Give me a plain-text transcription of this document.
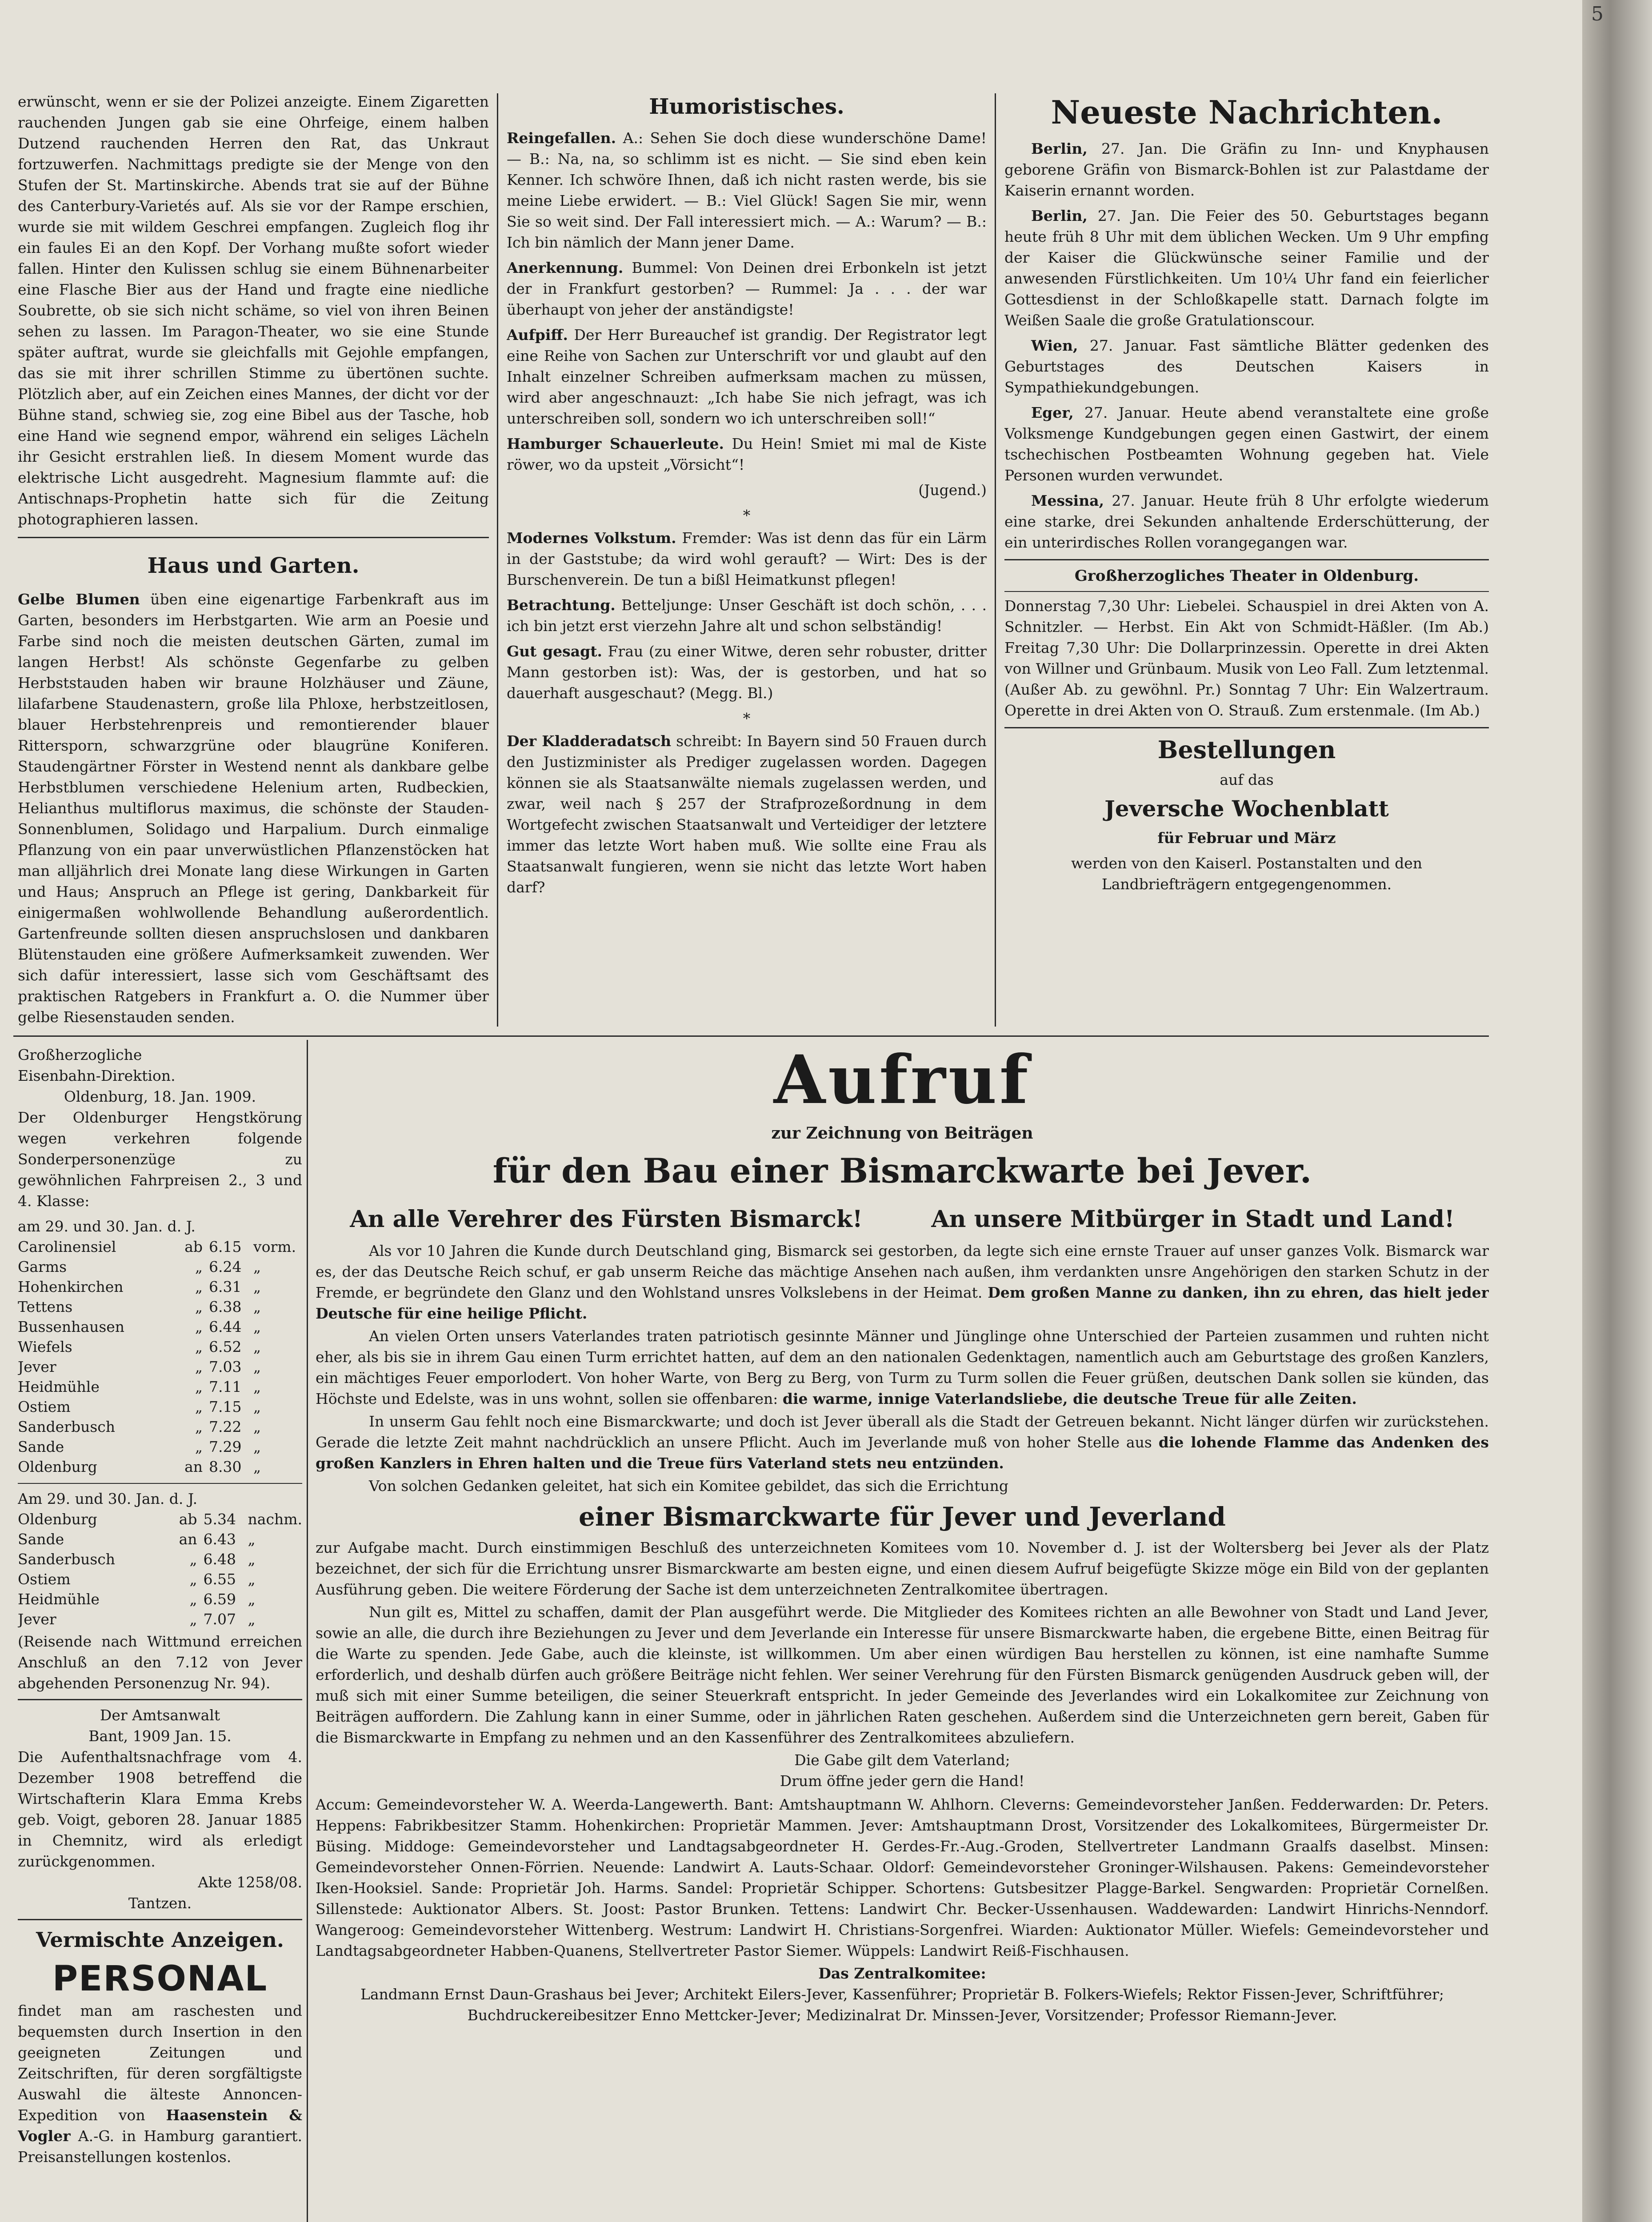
erwünscht, wenn er sie der Polizei anzeigte. Einem Zigaretten rauchenden Jungen gab sie eine Ohrfeige, einem halben Dutzend rauchenden Herren den Rat, das Unkraut fortzuwerfen. Nachmittags predigte sie der Menge von den Stufen der St. Martinskirche. Abends trat sie auf der Bühne des Canterbury-Varietés auf. Als sie vor der Rampe erschien, wurde sie mit wildem Geschrei empfangen. Zugleich flog ihr ein faules Ei an den Kopf. Der Vorhang mußte sofort wieder fallen. Hinter den Kulissen schlug sie einem Bühnenarbeiter eine Flasche Bier aus der Hand und fragte eine niedliche Soubrette, ob sie sich nicht schäme, so viel von ihren Beinen sehen zu lassen. Im Paragon-Theater, wo sie eine Stunde später auftrat, wurde sie gleichfalls mit Gejohle empfangen, das sie mit ihrer schrillen Stimme zu übertönen suchte. Plötzlich aber, auf ein Zeichen eines Mannes, der dicht vor der Bühne stand, schwieg sie, zog eine Bibel aus der Tasche, hob eine Hand wie segnend empor, während ein seliges Lächeln ihr Gesicht erstrahlen ließ. In diesem Moment wurde das elektrische Licht ausgedreht. Magnesium flammte auf: die Antischnaps-Prophetin hatte sich für die Zeitung photographieren lassen.

Haus und Garten.

Gelbe Blumen üben eine eigenartige Farbenkraft aus im Garten, besonders im Herbstgarten. Wie arm an Poesie und Farbe sind noch die meisten deutschen Gärten, zumal im langen Herbst! Als schönste Gegenfarbe zu gelben Herbststauden haben wir braune Holzhäuser und Zäune, lilafarbene Staudenastern, große lila Phloxe, herbstzeitlosen, blauer Herbstehrenpreis und remontierender blauer Rittersporn, schwarzgrüne oder blaugrüne Koniferen. Staudengärtner Förster in Westend nennt als dankbare gelbe Herbstblumen verschiedene Helenium arten, Rudbeckien, Helianthus multiflorus maximus, die schönste der Stauden-Sonnenblumen, Solidago und Harpalium. Durch einmalige Pflanzung von ein paar unverwüstlichen Pflanzenstöcken hat man alljährlich drei Monate lang diese Wirkungen in Garten und Haus; Anspruch an Pflege ist gering, Dankbarkeit für einigermaßen wohlwollende Behandlung außerordentlich. Gartenfreunde sollten diesen anspruchslosen und dankbaren Blütenstauden eine größere Aufmerksamkeit zuwenden. Wer sich dafür interessiert, lasse sich vom Geschäftsamt des praktischen Ratgebers in Frankfurt a. O. die Nummer über gelbe Riesenstauden senden.

Humoristisches.

Reingefallen. A.: Sehen Sie doch diese wunderschöne Dame! — B.: Na, na, so schlimm ist es nicht. — Sie sind eben kein Kenner. Ich schwöre Ihnen, daß ich nicht rasten werde, bis sie meine Liebe erwidert. — B.: Viel Glück! Sagen Sie mir, wenn Sie so weit sind. Der Fall interessiert mich. — A.: Warum? — B.: Ich bin nämlich der Mann jener Dame.

Anerkennung. Bummel: Von Deinen drei Erbonkeln ist jetzt der in Frankfurt gestorben? — Rummel: Ja . . . der war überhaupt von jeher der anständigste!

Aufpiff. Der Herr Bureauchef ist grandig. Der Registrator legt eine Reihe von Sachen zur Unterschrift vor und glaubt auf den Inhalt einzelner Schreiben aufmerksam machen zu müssen, wird aber angeschnauzt: „Ich habe Sie nich jefragt, was ich unterschreiben soll, sondern wo ich unterschreiben soll!“

Hamburger Schauerleute. Du Hein! Smiet mi mal de Kiste röwer, wo da upsteit „Vörsicht“!

(Jugend.)

*

Modernes Volkstum. Fremder: Was ist denn das für ein Lärm in der Gaststube; da wird wohl gerauft? — Wirt: Des is der Burschenverein. De tun a bißl Heimatkunst pflegen!

Betrachtung. Betteljunge: Unser Geschäft ist doch schön, . . . ich bin jetzt erst vierzehn Jahre alt und schon selbständig!

Gut gesagt. Frau (zu einer Witwe, deren sehr robuster, dritter Mann gestorben ist): Was, der is gestorben, und hat so dauerhaft ausgeschaut? (Megg. Bl.)

*

Der Kladderadatsch schreibt: In Bayern sind 50 Frauen durch den Justizminister als Prediger zugelassen worden. Dagegen können sie als Staatsanwälte niemals zugelassen werden, und zwar, weil nach § 257 der Strafprozeßordnung in dem Wortgefecht zwischen Staatsanwalt und Verteidiger der letztere immer das letzte Wort haben muß. Wie sollte eine Frau als Staatsanwalt fungieren, wenn sie nicht das letzte Wort haben darf?

Neueste Nachrichten.

Berlin, 27. Jan. Die Gräfin zu Inn- und Knyphausen geborene Gräfin von Bismarck-Bohlen ist zur Palastdame der Kaiserin ernannt worden.

Berlin, 27. Jan. Die Feier des 50. Geburtstages begann heute früh 8 Uhr mit dem üblichen Wecken. Um 9 Uhr empfing der Kaiser die Glückwünsche seiner Familie und der anwesenden Fürstlichkeiten. Um 10¼ Uhr fand ein feierlicher Gottesdienst in der Schloßkapelle statt. Darnach folgte im Weißen Saale die große Gratulationscour.

Wien, 27. Januar. Fast sämtliche Blätter gedenken des Geburtstages des Deutschen Kaisers in Sympathiekundgebungen.

Eger, 27. Januar. Heute abend veranstaltete eine große Volksmenge Kundgebungen gegen einen Gastwirt, der einem tschechischen Postbeamten Wohnung gegeben hat. Viele Personen wurden verwundet.

Messina, 27. Januar. Heute früh 8 Uhr erfolgte wiederum eine starke, drei Sekunden anhaltende Erderschütterung, der ein unterirdisches Rollen vorangegangen war.

Großherzogliches Theater in Oldenburg.

Donnerstag 7,30 Uhr: Liebelei. Schauspiel in drei Akten von A. Schnitzler. — Herbst. Ein Akt von Schmidt-Häßler. (Im Ab.) Freitag 7,30 Uhr: Die Dollarprinzessin. Operette in drei Akten von Willner und Grünbaum. Musik von Leo Fall. Zum letztenmal. (Außer Ab. zu gewöhnl. Pr.) Sonntag 7 Uhr: Ein Walzertraum. Operette in drei Akten von O. Strauß. Zum erstenmale. (Im Ab.)

Bestellungen

auf das

Jeversche Wochenblatt

für Februar und März

werden von den Kaiserl. Postanstalten und den Landbriefträgern entgegengenommen.

Großherzogliche

Eisenbahn-Direktion.

Oldenburg, 18. Jan. 1909.

Der Oldenburger Hengstkörung wegen verkehren folgende Sonderpersonenzüge zu gewöhnlichen Fahrpreisen 2., 3 und 4. Klasse:

am 29. und 30. Jan. d. J.

Carolinensiel	ab	6.15	vorm.
Garms	„	6.24	„
Hohenkirchen	„	6.31	„
Tettens	„	6.38	„
Bussenhausen	„	6.44	„
Wiefels	„	6.52	„
Jever	„	7.03	„
Heidmühle	„	7.11	„
Ostiem	„	7.15	„
Sanderbusch	„	7.22	„
Sande	„	7.29	„
Oldenburg	an	8.30	„

Am 29. und 30. Jan. d. J.

Oldenburg	ab	5.34	nachm.
Sande	an	6.43	„
Sanderbusch	„	6.48	„
Ostiem	„	6.55	„
Heidmühle	„	6.59	„
Jever	„	7.07	„

(Reisende nach Wittmund erreichen Anschluß an den 7.12 von Jever abgehenden Personenzug Nr. 94).

Der Amtsanwalt

Bant, 1909 Jan. 15.

Die Aufenthaltsnachfrage vom 4. Dezember 1908 betreffend die Wirtschafterin Klara Emma Krebs geb. Voigt, geboren 28. Januar 1885 in Chemnitz, wird als erledigt zurückgenommen.

Akte 1258/08.

Tantzen.

Vermischte Anzeigen.

PERSONAL

findet man am raschesten und bequemsten durch Insertion in den geeigneten Zeitungen und Zeitschriften, für deren sorgfältigste Auswahl die älteste Annoncen-Expedition von Haasenstein & Vogler A.-G. in Hamburg garantiert. Preisanstellungen kostenlos.

Aufruf

zur Zeichnung von Beiträgen

für den Bau einer Bismarckwarte bei Jever.

An alle Verehrer des Fürsten Bismarck!	An unsere Mitbürger in Stadt und Land!

Als vor 10 Jahren die Kunde durch Deutschland ging, Bismarck sei gestorben, da legte sich eine ernste Trauer auf unser ganzes Volk. Bismarck war es, der das Deutsche Reich schuf, er gab unserm Reiche das mächtige Ansehen nach außen, ihm verdankten unsre Angehörigen den starken Schutz in der Fremde, er begründete den Glanz und den Wohlstand unsres Volkslebens in der Heimat. Dem großen Manne zu danken, ihn zu ehren, das hielt jeder Deutsche für eine heilige Pflicht.

An vielen Orten unsers Vaterlandes traten patriotisch gesinnte Männer und Jünglinge ohne Unterschied der Parteien zusammen und ruhten nicht eher, als bis sie in ihrem Gau einen Turm errichtet hatten, auf dem an den nationalen Gedenktagen, namentlich auch am Geburtstage des großen Kanzlers, ein mächtiges Feuer emporlodert. Von hoher Warte, von Berg zu Berg, von Turm zu Turm sollen die Feuer grüßen, deutschen Dank sollen sie künden, das Höchste und Edelste, was in uns wohnt, sollen sie offenbaren: die warme, innige Vaterlandsliebe, die deutsche Treue für alle Zeiten.

In unserm Gau fehlt noch eine Bismarckwarte; und doch ist Jever überall als die Stadt der Getreuen bekannt. Nicht länger dürfen wir zurückstehen. Gerade die letzte Zeit mahnt nachdrücklich an unsere Pflicht. Auch im Jeverlande muß von hoher Stelle aus die lohende Flamme das Andenken des großen Kanzlers in Ehren halten und die Treue fürs Vaterland stets neu entzünden.

Von solchen Gedanken geleitet, hat sich ein Komitee gebildet, das sich die Errichtung

einer Bismarckwarte für Jever und Jeverland

zur Aufgabe macht. Durch einstimmigen Beschluß des unterzeichneten Komitees vom 10. November d. J. ist der Woltersberg bei Jever als der Platz bezeichnet, der sich für die Errichtung unsrer Bismarckwarte am besten eigne, und einen diesem Aufruf beigefügte Skizze möge ein Bild von der geplanten Ausführung geben. Die weitere Förderung der Sache ist dem unterzeichneten Zentralkomitee übertragen.

Nun gilt es, Mittel zu schaffen, damit der Plan ausgeführt werde. Die Mitglieder des Komitees richten an alle Bewohner von Stadt und Land Jever, sowie an alle, die durch ihre Beziehungen zu Jever und dem Jeverlande ein Interesse für unsere Bismarckwarte haben, die ergebene Bitte, einen Beitrag für die Warte zu spenden. Jede Gabe, auch die kleinste, ist willkommen. Um aber einen würdigen Bau herstellen zu können, ist eine namhafte Summe erforderlich, und deshalb dürfen auch größere Beiträge nicht fehlen. Wer seiner Verehrung für den Fürsten Bismarck genügenden Ausdruck geben will, der muß sich mit einer Summe beteiligen, die seiner Steuerkraft entspricht. In jeder Gemeinde des Jeverlandes wird ein Lokalkomitee zur Zeichnung von Beiträgen auffordern. Die Zahlung kann in einer Summe, oder in jährlichen Raten geschehen. Außerdem sind die Unterzeichneten gern bereit, Gaben für die Bismarckwarte in Empfang zu nehmen und an den Kassenführer des Zentralkomitees abzuliefern.

Die Gabe gilt dem Vaterland;

Drum öffne jeder gern die Hand!

Accum: Gemeindevorsteher W. A. Weerda-Langewerth. Bant: Amtshauptmann W. Ahlhorn. Cleverns: Gemeindevorsteher Janßen. Fedderwarden: Dr. Peters. Heppens: Fabrikbesitzer Stamm. Hohenkirchen: Proprietär Mammen. Jever: Amtshauptmann Drost, Vorsitzender des Lokalkomitees, Bürgermeister Dr. Büsing. Middoge: Gemeindevorsteher und Landtagsabgeordneter H. Gerdes-Fr.-Aug.-Groden, Stellvertreter Landmann Graalfs daselbst. Minsen: Gemeindevorsteher Onnen-Förrien. Neuende: Landwirt A. Lauts-Schaar. Oldorf: Gemeindevorsteher Groninger-Wilshausen. Pakens: Gemeindevorsteher Iken-Hooksiel. Sande: Proprietär Joh. Harms. Sandel: Proprietär Schipper. Schortens: Gutsbesitzer Plagge-Barkel. Sengwarden: Proprietär Cornelßen. Sillenstede: Auktionator Albers. St. Joost: Pastor Brunken. Tettens: Landwirt Chr. Becker-Ussenhausen. Waddewarden: Landwirt Hinrichs-Nenndorf. Wangeroog: Gemeindevorsteher Wittenberg. Westrum: Landwirt H. Christians-Sorgenfrei. Wiarden: Auktionator Müller. Wiefels: Gemeindevorsteher und Landtagsabgeordneter Habben-Quanens, Stellvertreter Pastor Siemer. Wüppels: Landwirt Reiß-Fischhausen.

Das Zentralkomitee:

Landmann Ernst Daun-Grashaus bei Jever; Architekt Eilers-Jever, Kassenführer; Proprietär B. Folkers-Wiefels; Rektor Fissen-Jever, Schriftführer; Buchdruckereibesitzer Enno Mettcker-Jever; Medizinalrat Dr. Minssen-Jever, Vorsitzender; Professor Riemann-Jever.

5
